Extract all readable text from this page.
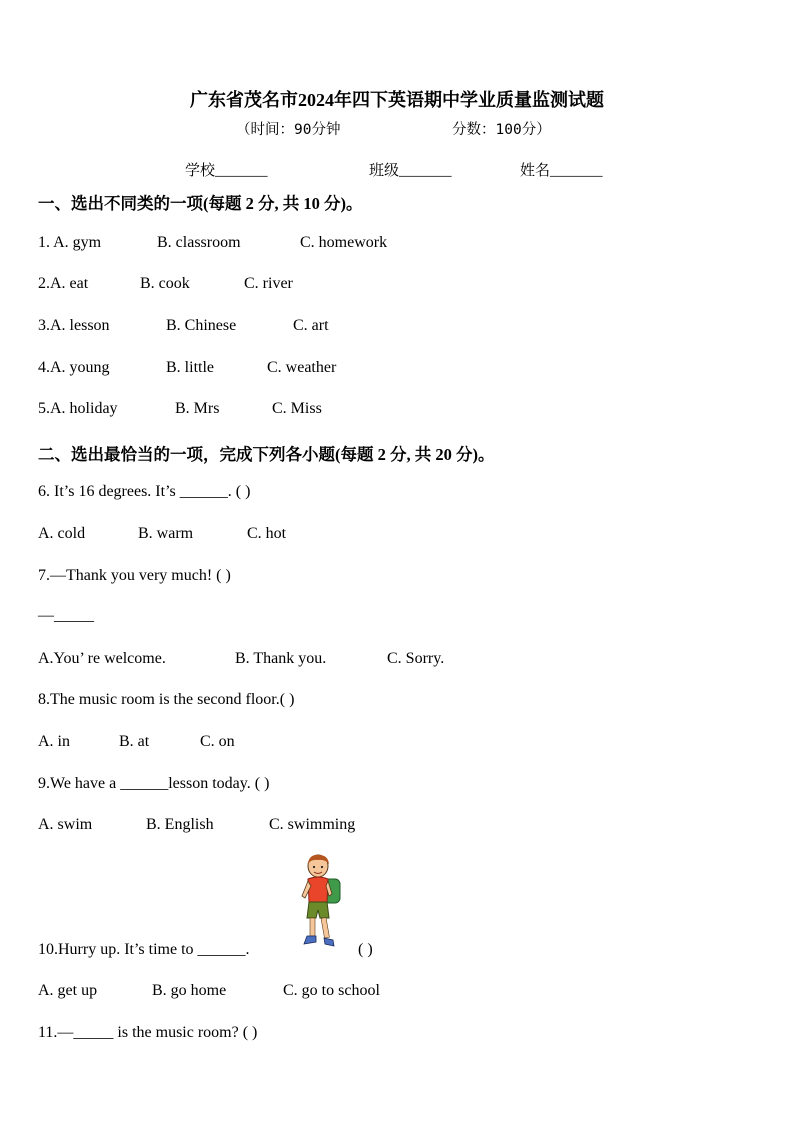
广东省茂名市2024年四下英语期中学业质量监测试题
（时间：90分钟	分数：100分）
学校_______	班级_______	姓名_______
一、选出不同类的一项(每题 2 分, 共 10 分)。
1. A. gym	B. classroom	C. homework
2.A. eat	B. cook	C. river
3.A. lesson	B. Chinese	C. art
4.A. young	B. little	C. weather
5.A. holiday	B. Mrs	C. Miss
二、选出最恰当的一项，完成下列各小题(每题 2 分, 共 20 分)。
6. It’s 16 degrees. It’s ______. ( )
A. cold	B. warm	C. hot
7.—Thank you very much! ( )
—_____
A.You’ re welcome.	B. Thank you.	C. Sorry.
8.The music room is the second floor.( )
A. in	B. at	C. on
9.We have a ______lesson today. ( )
A. swim	B. English	C. swimming
10.Hurry up. It’s time to ______.	( )
A. get up	B. go home	C. go to school
11.—_____ is the music room? ( )
